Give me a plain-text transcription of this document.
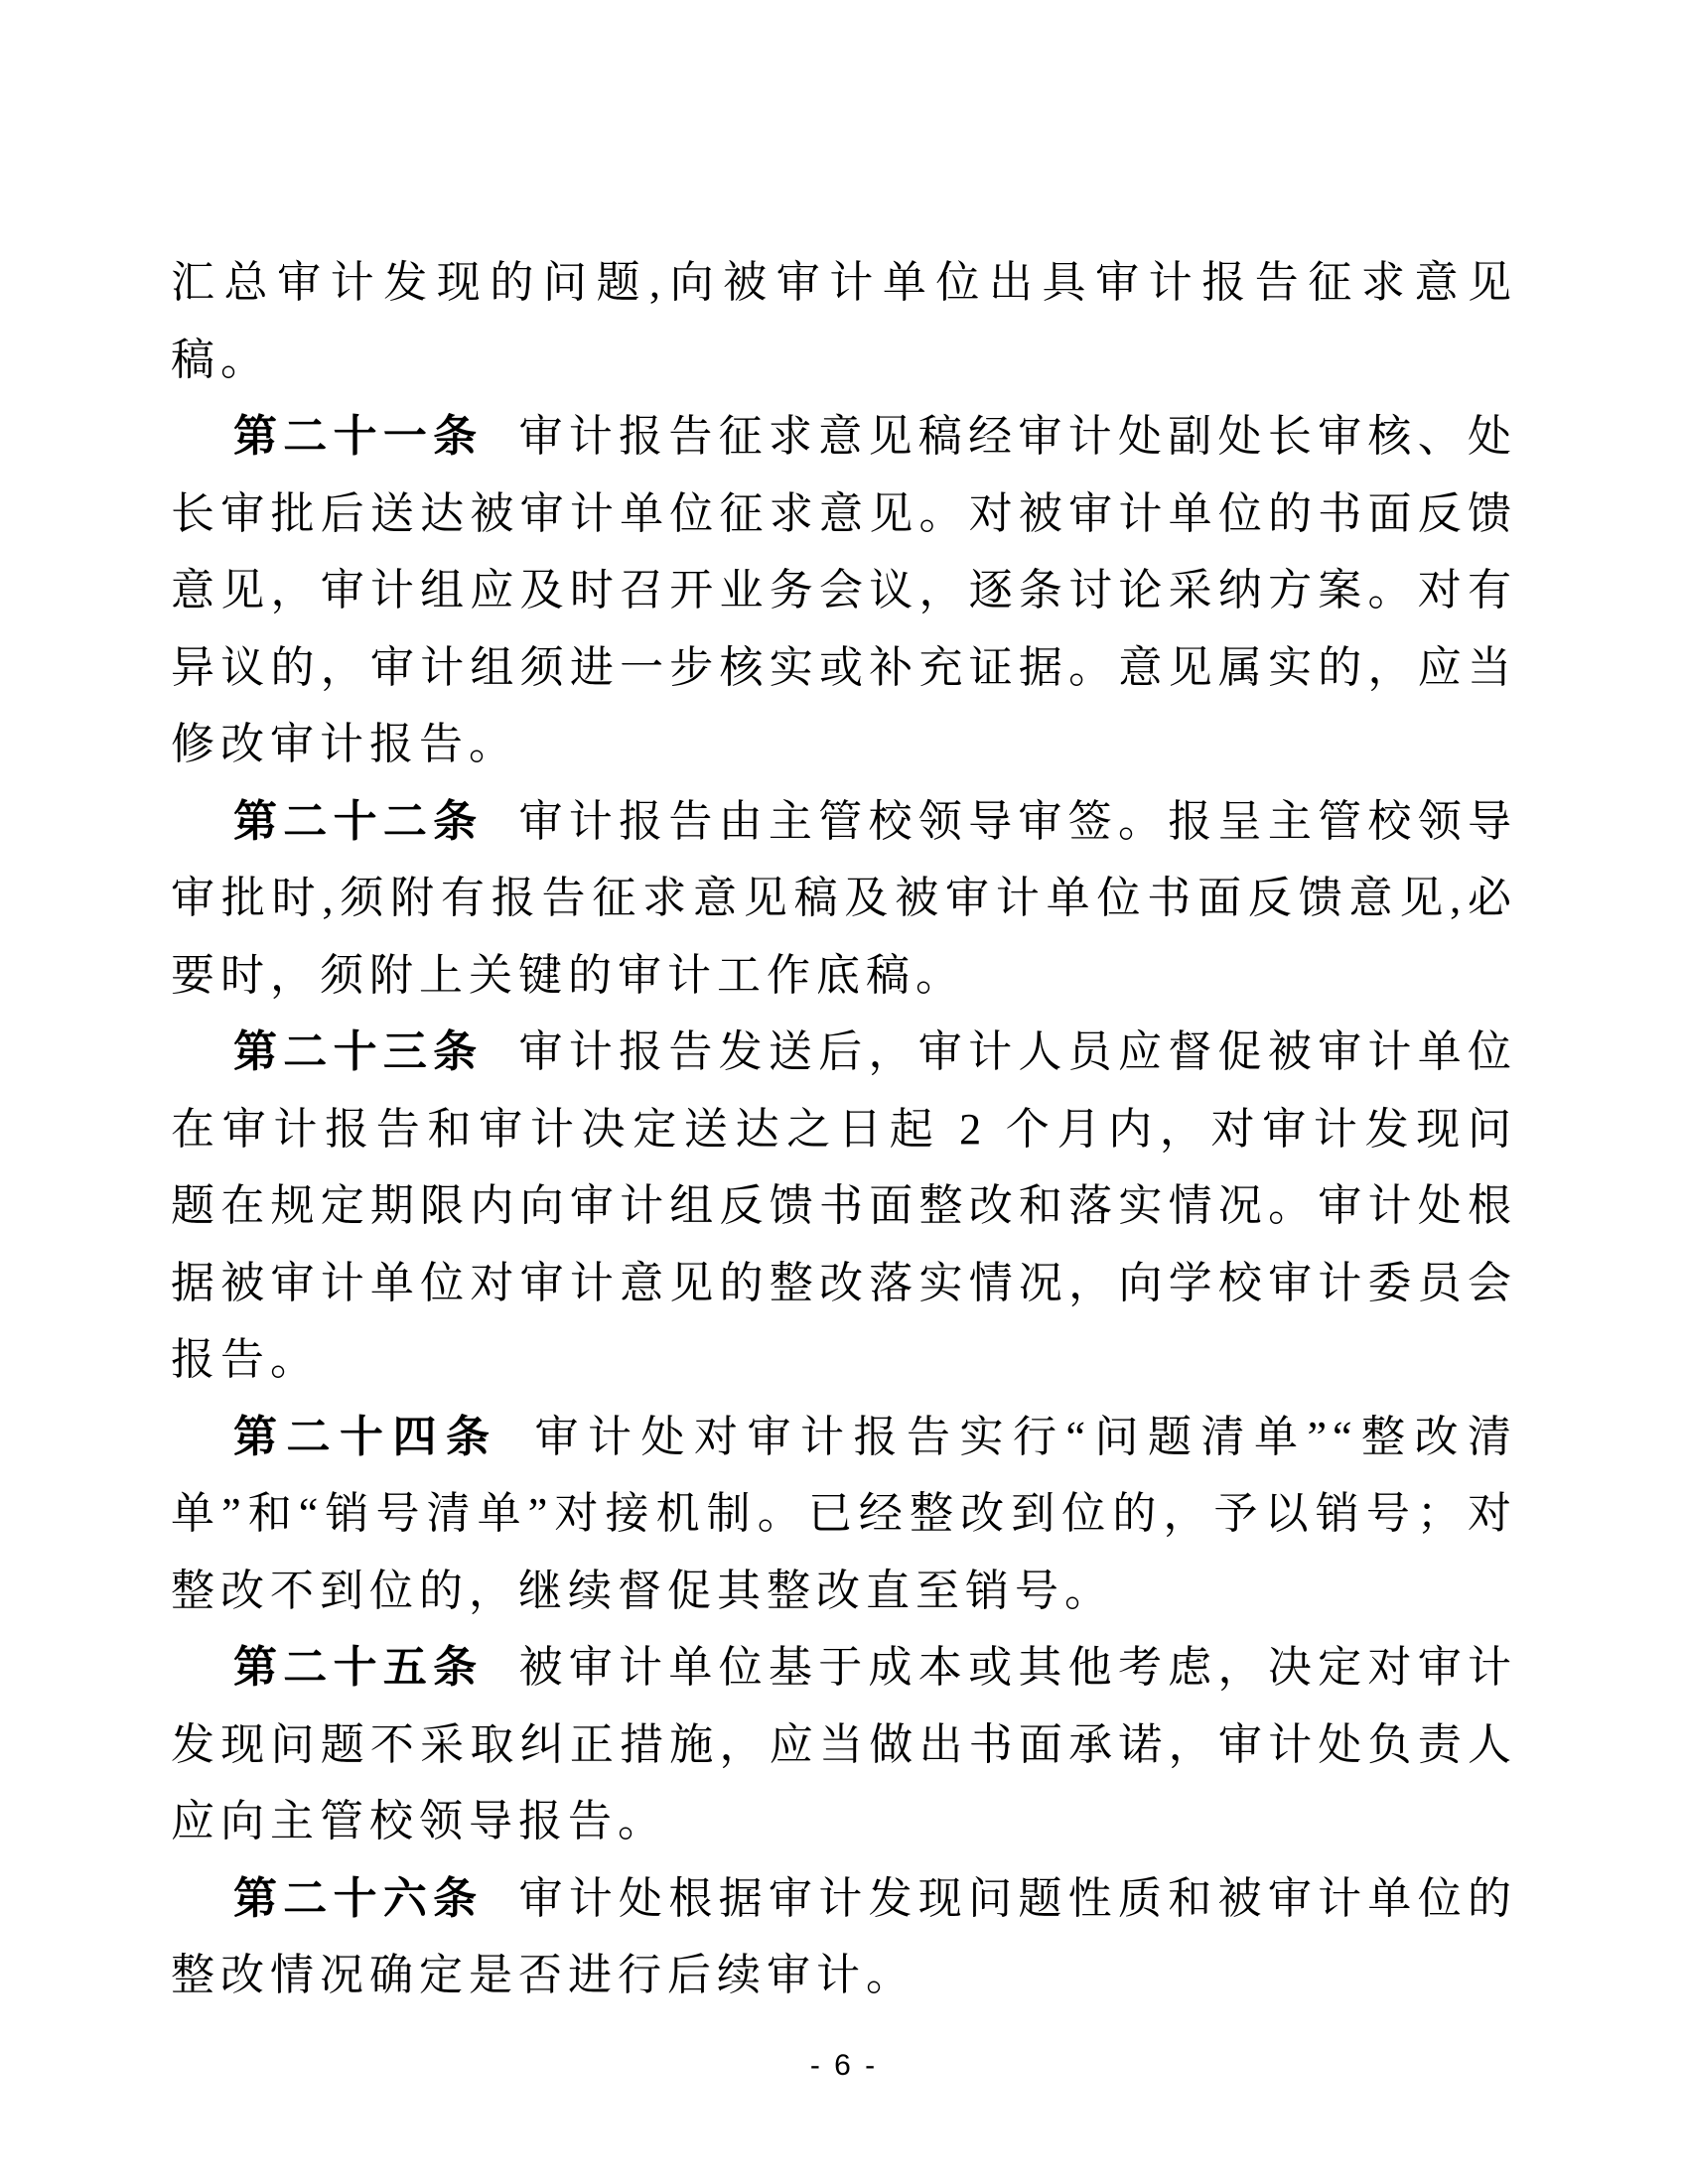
汇总审计发现的问题,向被审计单位出具审计报告征求意见稿。

第二十一条 审计报告征求意见稿经审计处副处长审核、处长审批后送达被审计单位征求意见。对被审计单位的书面反馈意见，审计组应及时召开业务会议，逐条讨论采纳方案。对有异议的，审计组须进一步核实或补充证据。意见属实的，应当修改审计报告。

第二十二条 审计报告由主管校领导审签。报呈主管校领导审批时,须附有报告征求意见稿及被审计单位书面反馈意见,必要时，须附上关键的审计工作底稿。

第二十三条 审计报告发送后，审计人员应督促被审计单位在审计报告和审计决定送达之日起 2 个月内，对审计发现问题在规定期限内向审计组反馈书面整改和落实情况。审计处根据被审计单位对审计意见的整改落实情况，向学校审计委员会报告。

第二十四条 审计处对审计报告实行“问题清单”“整改清单”和“销号清单”对接机制。已经整改到位的，予以销号；对整改不到位的，继续督促其整改直至销号。

第二十五条 被审计单位基于成本或其他考虑，决定对审计发现问题不采取纠正措施，应当做出书面承诺，审计处负责人应向主管校领导报告。

第二十六条 审计处根据审计发现问题性质和被审计单位的整改情况确定是否进行后续审计。

- 6 -
